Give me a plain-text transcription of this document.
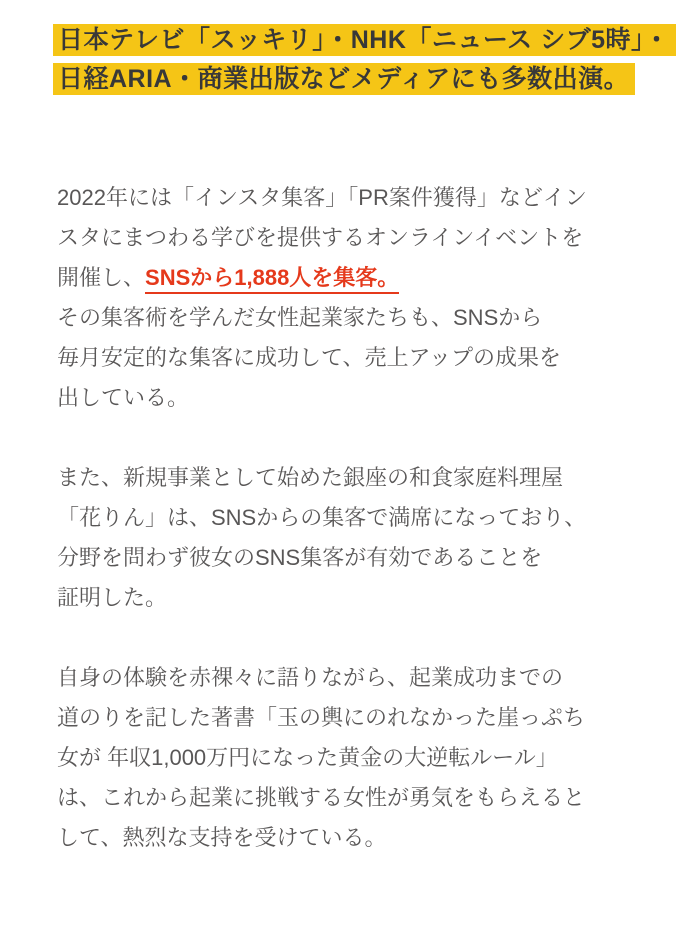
日本テレビ「スッキリ」・NHK「ニュース シブ5時」・
日経ARIA・商業出版などメディアにも多数出演。

2022年には「インスタ集客」「PR案件獲得」などイン
スタにまつわる学びを提供するオンラインイベントを
開催し、SNSから1,888人を集客。
その集客術を学んだ女性起業家たちも、SNSから
毎月安定的な集客に成功して、売上アップの成果を
出している。

また、新規事業として始めた銀座の和食家庭料理屋
「花りん」は、SNSからの集客で満席になっており、
分野を問わず彼女のSNS集客が有効であることを
証明した。

自身の体験を赤裸々に語りながら、起業成功までの
道のりを記した著書「玉の輿にのれなかった崖っぷち
女が 年収1,000万円になった黄金の大逆転ルール」
は、これから起業に挑戦する女性が勇気をもらえると
して、熱烈な支持を受けている。
